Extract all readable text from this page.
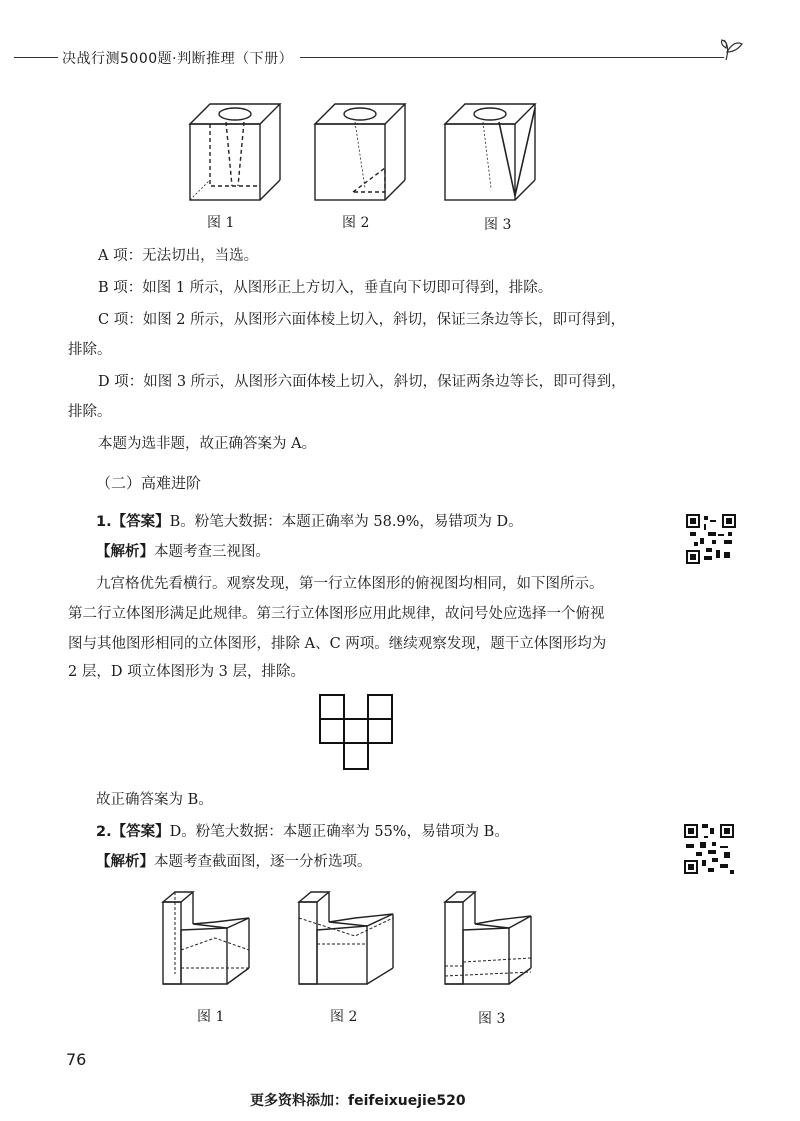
决战行测5000题·判断推理（下册）
图 1	图 2	图 3
A 项：无法切出，当选。
B 项：如图 1 所示，从图形正上方切入，垂直向下切即可得到，排除。
C 项：如图 2 所示，从图形六面体棱上切入，斜切，保证三条边等长，即可得到，
排除。
D 项：如图 3 所示，从图形六面体棱上切入，斜切，保证两条边等长，即可得到，
排除。
本题为选非题，故正确答案为 A。
（二）高难进阶
1.【答案】B。粉笔大数据：本题正确率为 58.9%，易错项为 D。
【解析】本题考查三视图。
九宫格优先看横行。观察发现，第一行立体图形的俯视图均相同，如下图所示。
第二行立体图形满足此规律。第三行立体图形应用此规律，故问号处应选择一个俯视
图与其他图形相同的立体图形，排除 A、C 两项。继续观察发现，题干立体图形均为
2 层，D 项立体图形为 3 层，排除。
故正确答案为 B。
2.【答案】D。粉笔大数据：本题正确率为 55%，易错项为 B。
【解析】本题考查截面图，逐一分析选项。
图 1	图 2	图 3
76
更多资料添加：feifeixuejie520
